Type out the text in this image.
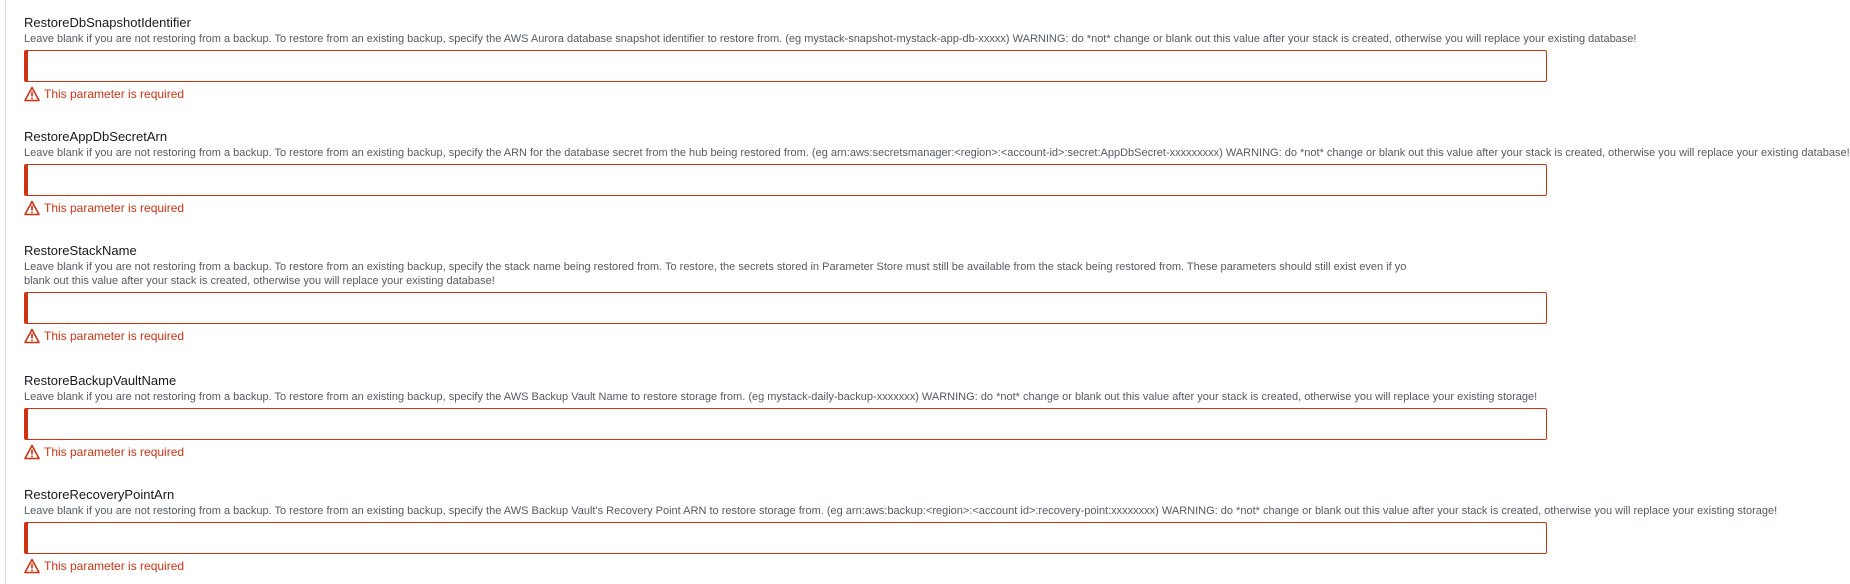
RestoreDbSnapshotIdentifier
Leave blank if you are not restoring from a backup. To restore from an existing backup, specify the AWS Aurora database snapshot identifier to restore from. (eg mystack-snapshot-mystack-app-db-xxxxx) WARNING: do *not* change or blank out this value after your stack is created, otherwise you will replace your existing database!
This parameter is required
RestoreAppDbSecretArn
Leave blank if you are not restoring from a backup. To restore from an existing backup, specify the ARN for the database secret from the hub being restored from. (eg arn:aws:secretsmanager:<region>:<account-id>:secret:AppDbSecret-xxxxxxxxx) WARNING: do *not* change or blank out this value after your stack is created, otherwise you will replace your existing database!
This parameter is required
RestoreStackName
Leave blank if you are not restoring from a backup. To restore from an existing backup, specify the stack name being restored from. To restore, the secrets stored in Parameter Store must still be available from the stack being restored from. These parameters should still exist even if yo
blank out this value after your stack is created, otherwise you will replace your existing database!
This parameter is required
RestoreBackupVaultName
Leave blank if you are not restoring from a backup. To restore from an existing backup, specify the AWS Backup Vault Name to restore storage from. (eg mystack-daily-backup-xxxxxxx) WARNING: do *not* change or blank out this value after your stack is created, otherwise you will replace your existing storage!
This parameter is required
RestoreRecoveryPointArn
Leave blank if you are not restoring from a backup. To restore from an existing backup, specify the AWS Backup Vault's Recovery Point ARN to restore storage from. (eg arn:aws:backup:<region>:<account id>:recovery-point:xxxxxxxx) WARNING: do *not* change or blank out this value after your stack is created, otherwise you will replace your existing storage!
This parameter is required
